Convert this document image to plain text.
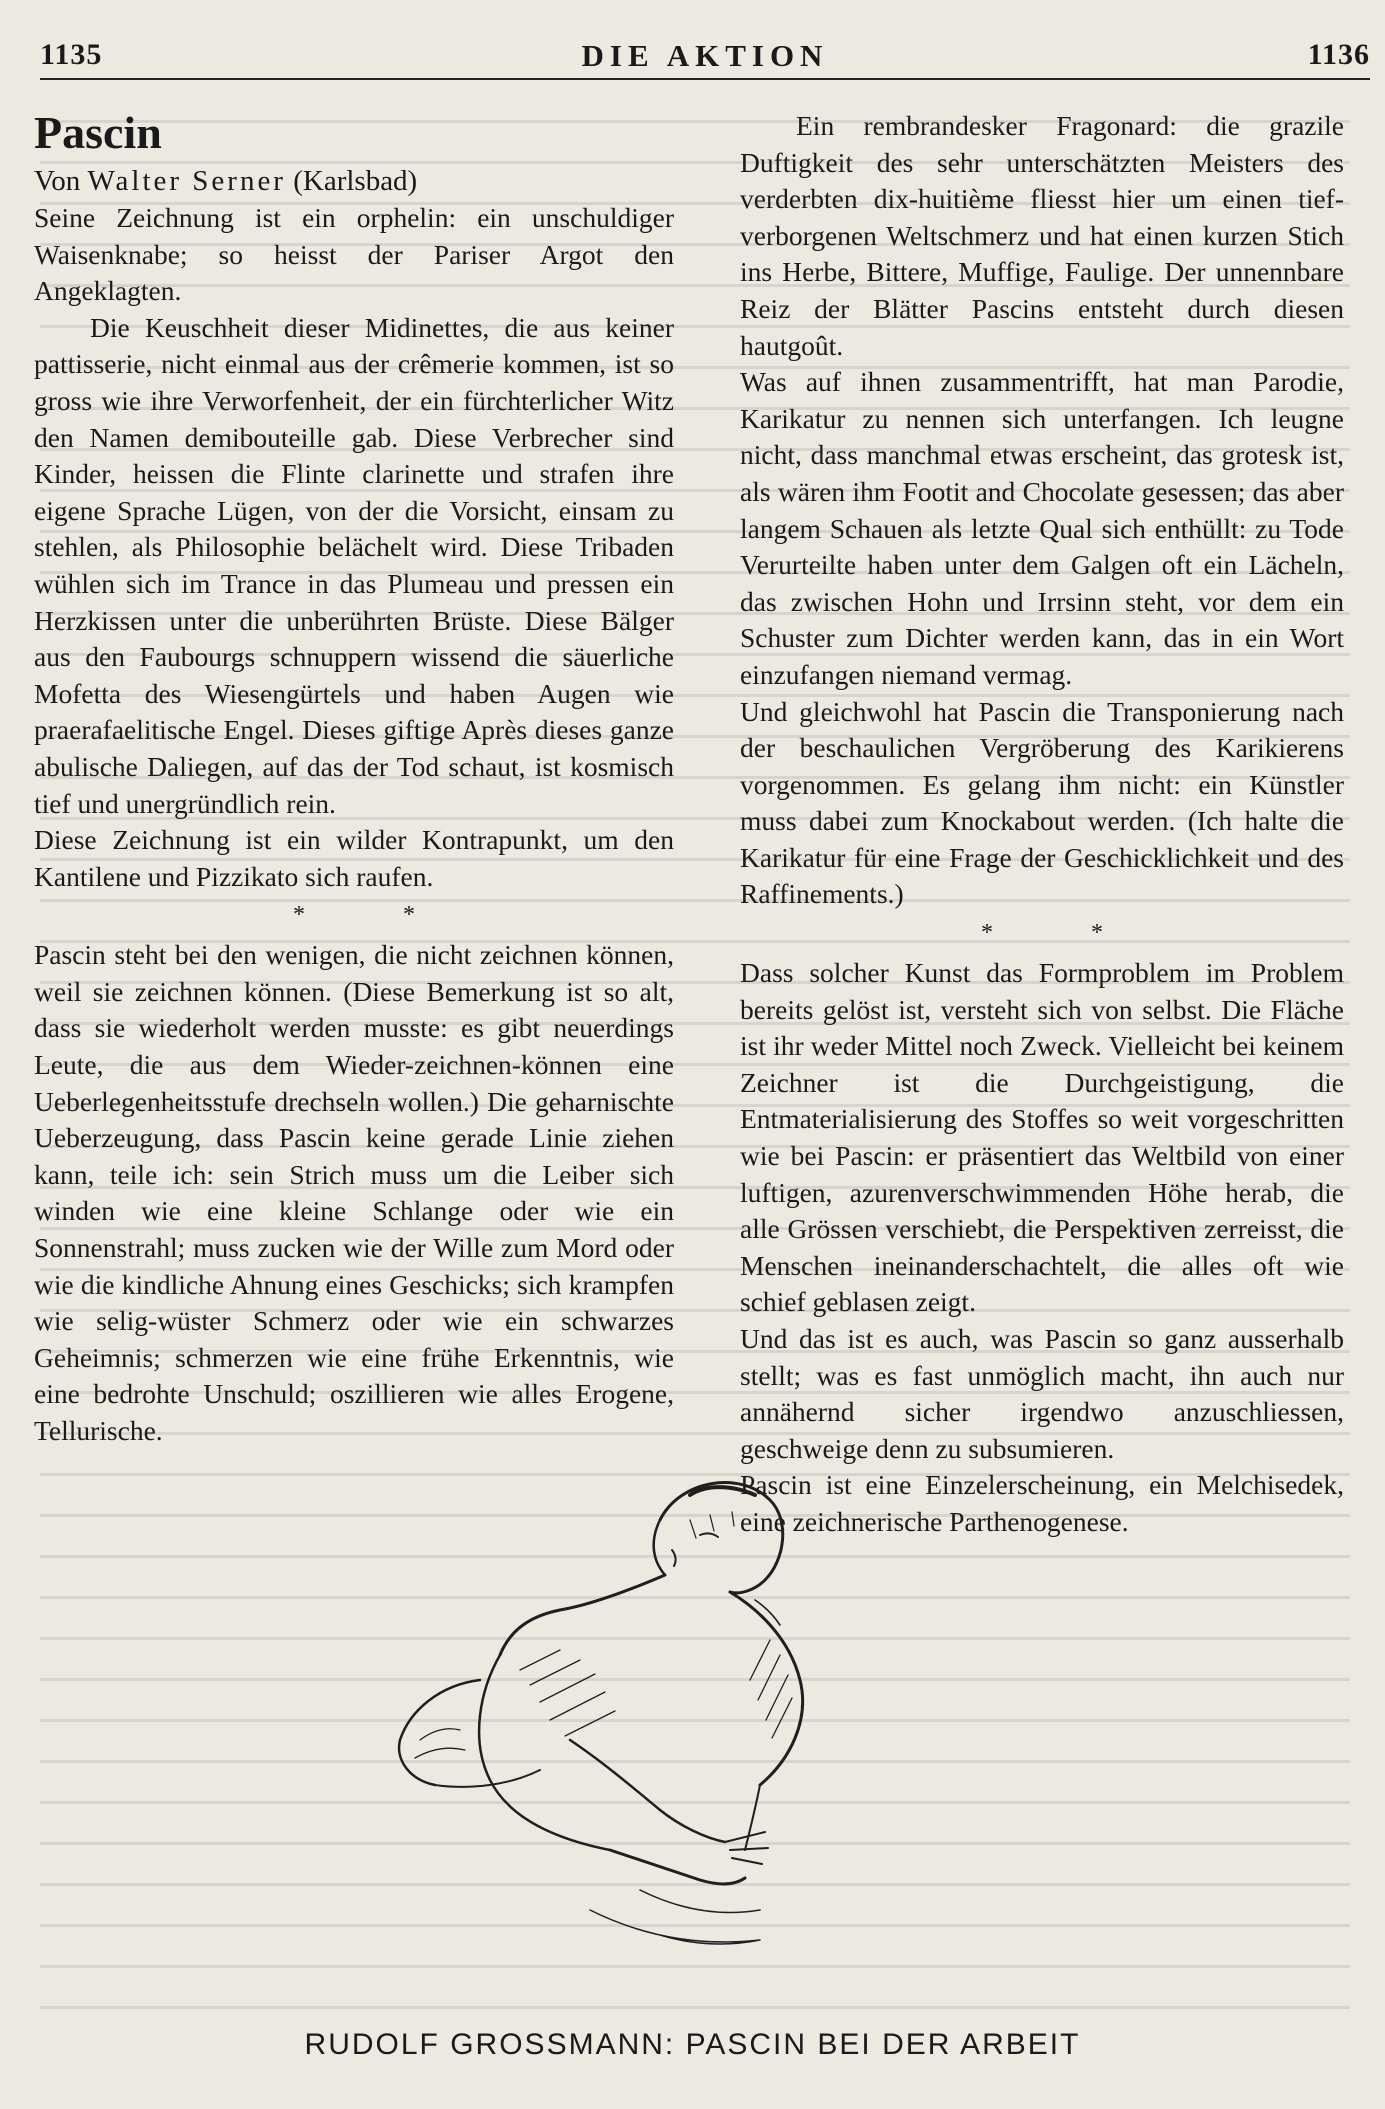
1135	DIE AKTION	1136
Pascin

Von Walter Serner (Karlsbad)

Seine Zeichnung ist ein orphelin: ein unschuldiger Waisenknabe; so heisst der Pariser Argot den Angeklagten.

Die Keuschheit dieser Midinettes, die aus keiner pattisserie, nicht einmal aus der crêmerie kommen, ist so gross wie ihre Verworfenheit, der ein fürchterlicher Witz den Namen demibouteille gab. Diese Verbrecher sind Kinder, heissen die Flinte clarinette und strafen ihre eigene Sprache Lügen, von der die Vorsicht, einsam zu stehlen, als Philosophie belächelt wird. Diese Tribaden wühlen sich im Trance in das Plumeau und pressen ein Herzkissen unter die unberührten Brüste. Diese Bälger aus den Faubourgs schnuppern wissend die säuerliche Mofetta des Wiesengürtels und haben Augen wie praerafaelitische Engel. Dieses giftige Après dieses ganze abulische Daliegen, auf das der Tod schaut, ist kosmisch tief und unergründlich rein.

Diese Zeichnung ist ein wilder Kontrapunkt, um den Kantilene und Pizzikato sich raufen.

*	*

Pascin steht bei den wenigen, die nicht zeichnen können, weil sie zeichnen können. (Diese Bemerkung ist so alt, dass sie wiederholt werden musste: es gibt neuerdings Leute, die aus dem Wieder-zeichnen-können eine Ueberlegenheitsstufe drechseln wollen.) Die geharnischte Ueberzeugung, dass Pascin keine gerade Linie ziehen kann, teile ich: sein Strich muss um die Leiber sich winden wie eine kleine Schlange oder wie ein Sonnenstrahl; muss zucken wie der Wille zum Mord oder wie die kindliche Ahnung eines Geschicks; sich krampfen wie selig-wüster Schmerz oder wie ein schwarzes Geheimnis; schmerzen wie eine frühe Erkenntnis, wie eine bedrohte Unschuld; oszillieren wie alles Erogene, Tellurische.

Ein rembrandesker Fragonard: die grazile Duftigkeit des sehr unterschätzten Meisters des verderbten dix-huitième fliesst hier um einen tief-verborgenen Weltschmerz und hat einen kurzen Stich ins Herbe, Bittere, Muffige, Faulige. Der unnennbare Reiz der Blätter Pascins entsteht durch diesen hautgoût.

Was auf ihnen zusammentrifft, hat man Parodie, Karikatur zu nennen sich unterfangen. Ich leugne nicht, dass manchmal etwas erscheint, das grotesk ist, als wären ihm Footit and Chocolate gesessen; das aber langem Schauen als letzte Qual sich enthüllt: zu Tode Verurteilte haben unter dem Galgen oft ein Lächeln, das zwischen Hohn und Irrsinn steht, vor dem ein Schuster zum Dichter werden kann, das in ein Wort einzufangen niemand vermag.

Und gleichwohl hat Pascin die Transponierung nach der beschaulichen Vergröberung des Karikierens vorgenommen. Es gelang ihm nicht: ein Künstler muss dabei zum Knockabout werden. (Ich halte die Karikatur für eine Frage der Geschicklichkeit und des Raffinements.)

*	*

Dass solcher Kunst das Formproblem im Problem bereits gelöst ist, versteht sich von selbst. Die Fläche ist ihr weder Mittel noch Zweck. Vielleicht bei keinem Zeichner ist die Durchgeistigung, die Entmaterialisierung des Stoffes so weit vorgeschritten wie bei Pascin: er präsentiert das Weltbild von einer luftigen, azurenverschwimmenden Höhe herab, die alle Grössen verschiebt, die Perspektiven zerreisst, die Menschen ineinanderschachtelt, die alles oft wie schief geblasen zeigt.

Und das ist es auch, was Pascin so ganz ausserhalb stellt; was es fast unmöglich macht, ihn auch nur annähernd sicher irgendwo anzuschliessen, geschweige denn zu subsumieren.

Pascin ist eine Einzelerscheinung, ein Melchisedek, eine zeichnerische Parthenogenese.

RUDOLF GROSSMANN: PASCIN BEI DER ARBEIT
